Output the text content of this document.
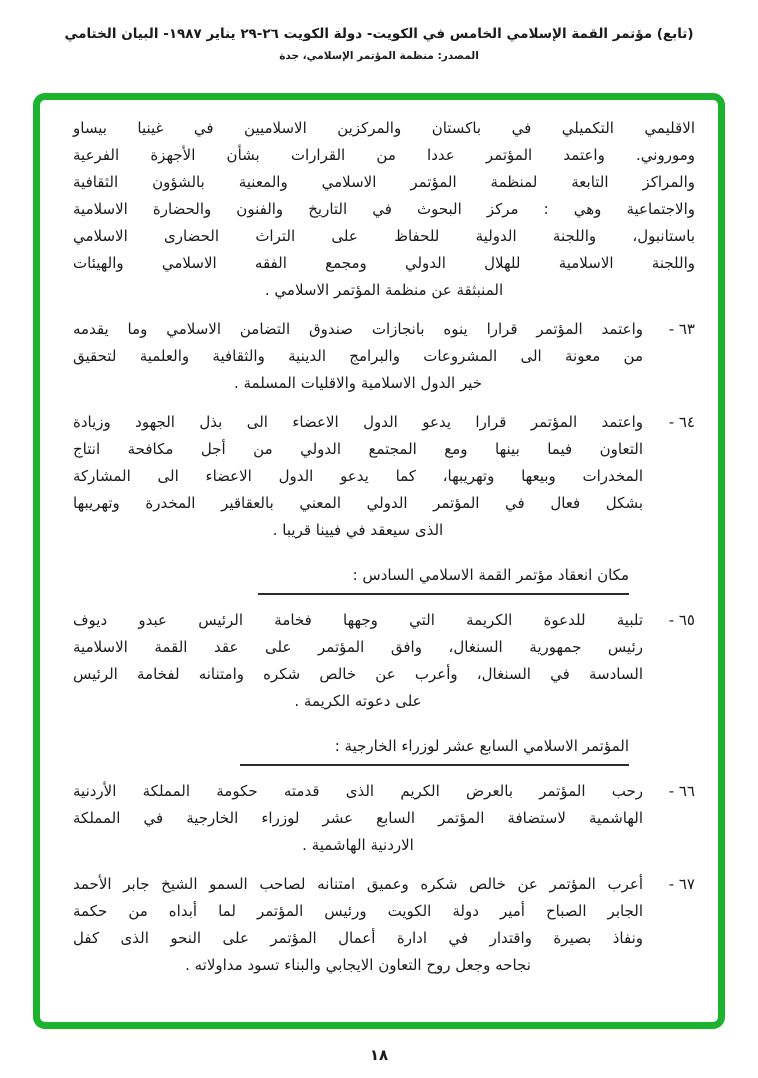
(تابع) مؤتمر القمة الإسلامي الخامس في الكويت- دولة الكويت ٢٦-٢٩ يناير ١٩٨٧- البيان الختامي
المصدر: منظمة المؤتمر الإسلامي، جدة
الاقليمي التكميلي في باكستان والمركزين الاسلاميين في غينيا بيساو
وموروني. واعتمد المؤتمر عددا من القرارات بشأن الأجهزة الفرعية
والمراكز التابعة لمنظمة المؤتمر الاسلامي والمعنية بالشؤون الثقافية
والاجتماعية وهي : مركز البحوث في التاريخ والفنون والحضارة الاسلامية
باستانبول، واللجنة الدولية للحفاظ على التراث الحضارى الاسلامي
واللجنة الاسلامية للهلال الدولي ومجمع الفقه الاسلامي والهيئات
المنبثقة عن منظمة المؤتمر الاسلامي .
٦٣ -
واعتمد المؤتمر قرارا ينوه بانجازات صندوق التضامن الاسلامي وما يقدمه
من معونة الى المشروعات والبرامج الدينية والثقافية والعلمية لتحقيق
خير الدول الاسلامية والاقليات المسلمة .
٦٤ -
واعتمد المؤتمر قرارا يدعو الدول الاعضاء الى بذل الجهود وزيادة
التعاون فيما بينها ومع المجتمع الدولي من أجل مكافحة انتاج
المخدرات وبيعها وتهريبها، كما يدعو الدول الاعضاء الى المشاركة
بشكل فعال في المؤتمر الدولي المعني بالعقاقير المخدرة وتهريبها
الذى سيعقد في فيينا قريبا .
مكان انعقاد مؤتمر القمة الاسلامي السادس :
٦٥ -
تلبية للدعوة الكريمة التي وجهها فخامة الرئيس عبدو ديوف
رئيس جمهورية السنغال، وافق المؤتمر على عقد القمة الاسلامية
السادسة في السنغال، وأعرب عن خالص شكره وامتنانه لفخامة الرئيس
على دعوته الكريمة .
المؤتمر الاسلامي السابع عشر لوزراء الخارجية :
٦٦ -
رحب المؤتمر بالعرض الكريم الذى قدمته حكومة المملكة الأردنية
الهاشمية لاستضافة المؤتمر السابع عشر لوزراء الخارجية في المملكة
الاردنية الهاشمية .
٦٧ -
أعرب المؤتمر عن خالص شكره وعميق امتنانه لصاحب السمو الشيخ جابر الأحمد
الجابر الصباح أمير دولة الكويت ورئيس المؤتمر لما أبداه من حكمة
ونفاذ بصيرة واقتدار في ادارة أعمال المؤتمر على النحو الذى كفل
نجاحه وجعل روح التعاون الايجابي والبناء تسود مداولاته .
١٨
